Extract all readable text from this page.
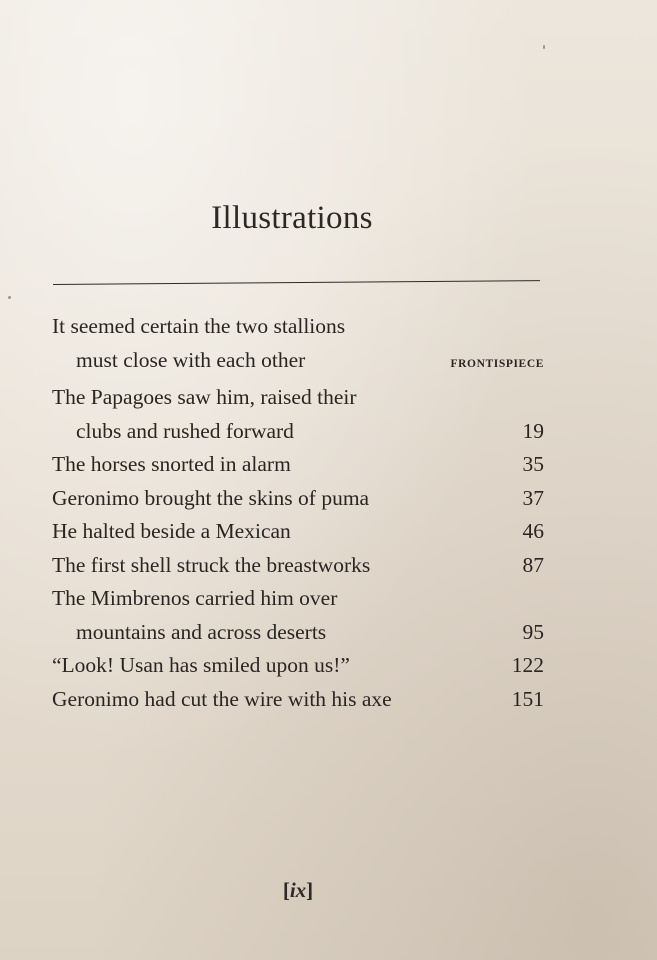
Illustrations
It seemed certain the two stallions
must close with each other	FRONTISPIECE
The Papagoes saw him, raised their
clubs and rushed forward	19
The horses snorted in alarm	35
Geronimo brought the skins of puma	37
He halted beside a Mexican	46
The first shell struck the breastworks	87
The Mimbrenos carried him over
mountains and across deserts	95
“Look! Usan has smiled upon us!”	122
Geronimo had cut the wire with his axe	151
[ix]
